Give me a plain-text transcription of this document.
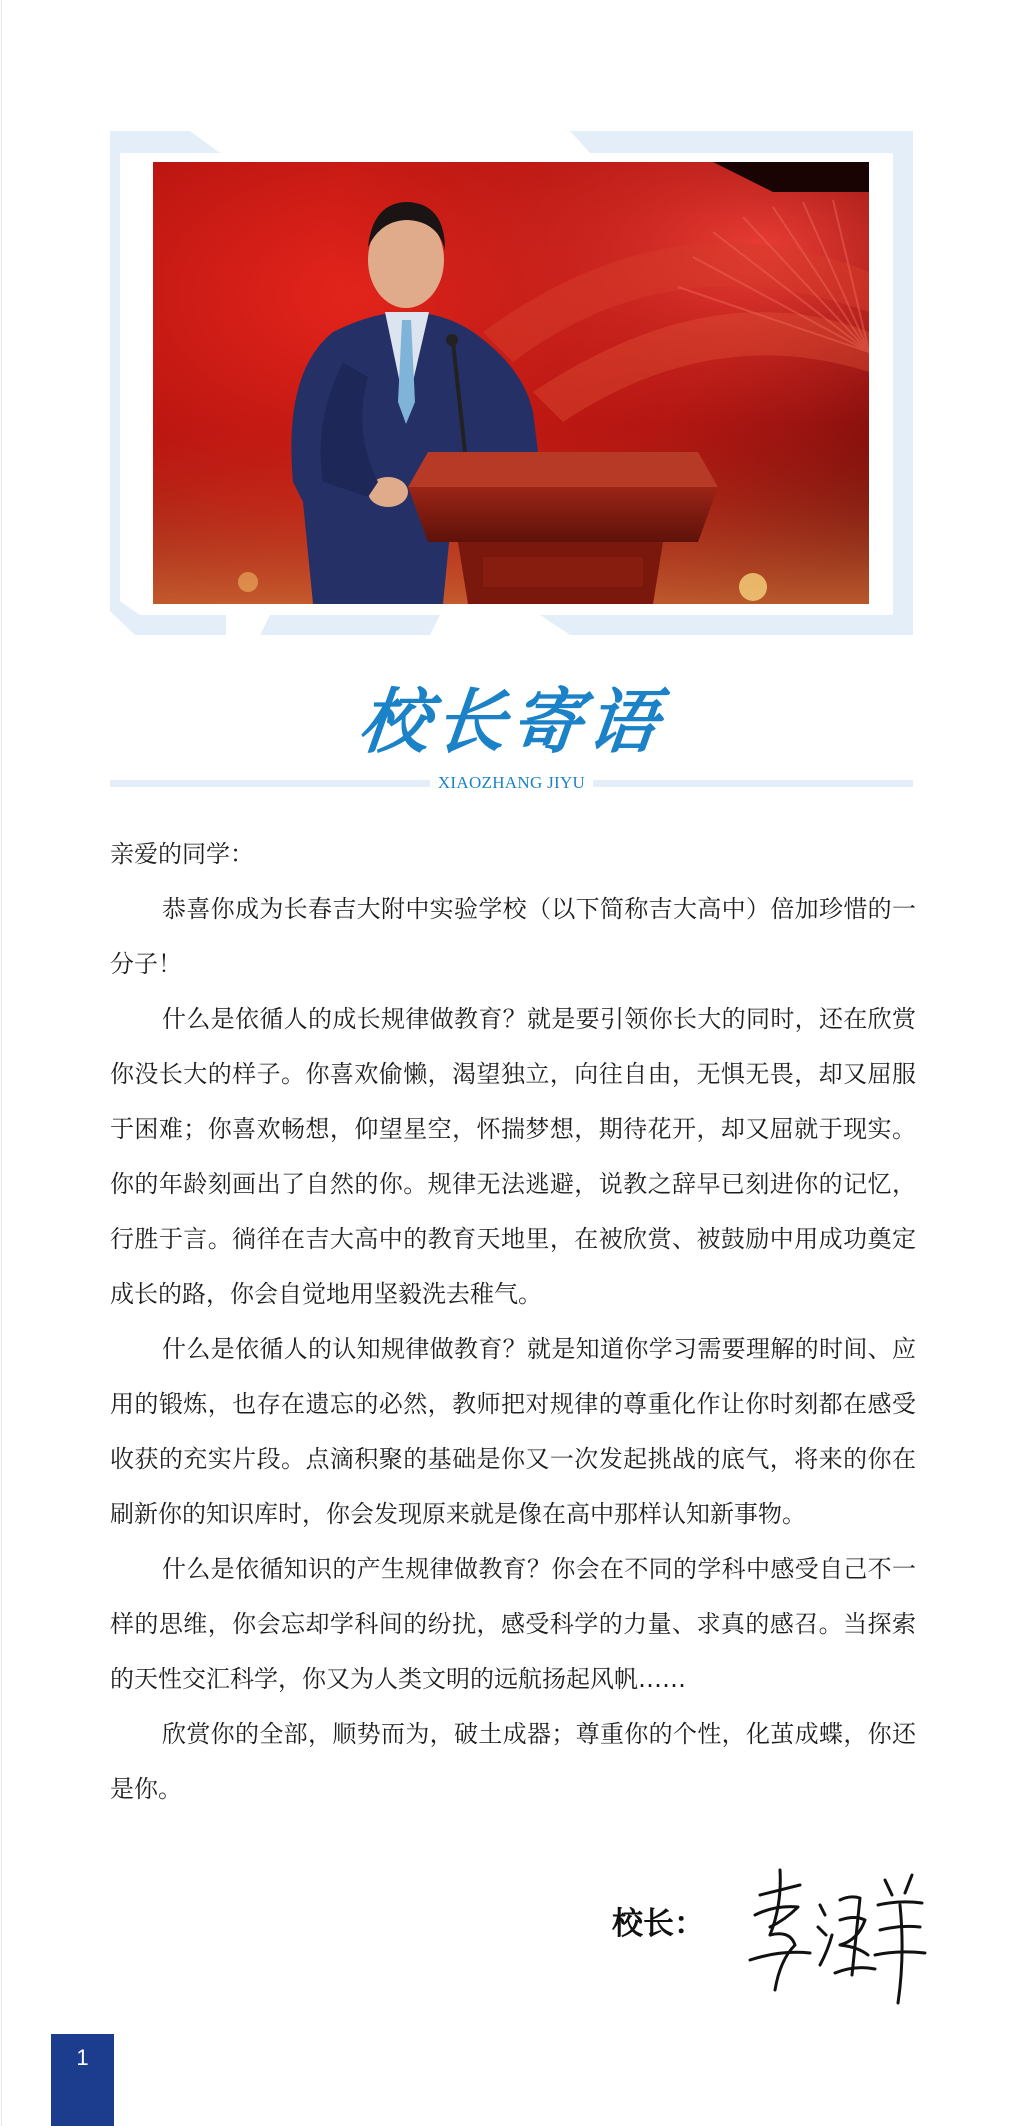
校长寄语
XIAOZHANG JIYU

亲爱的同学：

恭喜你成为长春吉大附中实验学校（以下简称吉大高中）倍加珍惜的一分子！

什么是依循人的成长规律做教育？就是要引领你长大的同时，还在欣赏你没长大的样子。你喜欢偷懒，渴望独立，向往自由，无惧无畏，却又屈服于困难；你喜欢畅想，仰望星空，怀揣梦想，期待花开，却又屈就于现实。你的年龄刻画出了自然的你。规律无法逃避，说教之辞早已刻进你的记忆，行胜于言。徜徉在吉大高中的教育天地里，在被欣赏、被鼓励中用成功奠定成长的路，你会自觉地用坚毅洗去稚气。

什么是依循人的认知规律做教育？就是知道你学习需要理解的时间、应用的锻炼，也存在遗忘的必然，教师把对规律的尊重化作让你时刻都在感受收获的充实片段。点滴积聚的基础是你又一次发起挑战的底气，将来的你在刷新你的知识库时，你会发现原来就是像在高中那样认知新事物。

什么是依循知识的产生规律做教育？你会在不同的学科中感受自己不一样的思维，你会忘却学科间的纷扰，感受科学的力量、求真的感召。当探索的天性交汇科学，你又为人类文明的远航扬起风帆……

欣赏你的全部，顺势而为，破土成器；尊重你的个性，化茧成蝶，你还是你。

校长：
1
